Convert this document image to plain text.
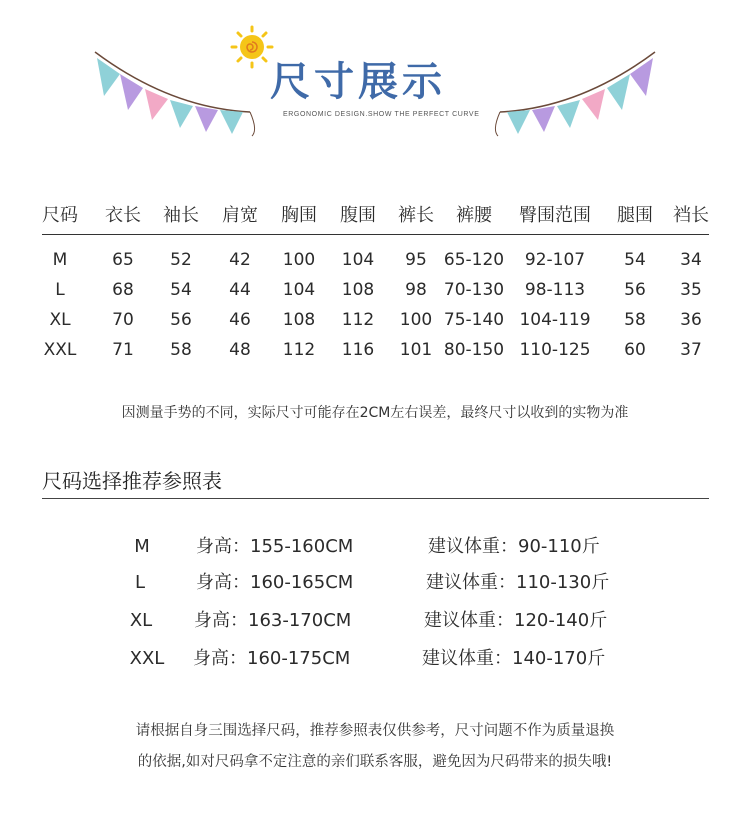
尺寸展示
ERGONOMIC DESIGN.SHOW THE PERFECT CURVE
尺码 衣长 袖长 肩宽 胸围 腹围 裤长 裤腰 臀围范围 腿围 裆长
M	65 52 42 100 104 95 65-120 92-107 54 34
L	68 54 44 104 108 98 70-130 98-113 56 35
XL 70 56 46 108 112 100 75-140 104-119 58 36
XXL 71 58 48 112 116 101 80-150 110-125 60 37
因测量手势的不同，实际尺寸可能存在2CM左右误差，最终尺寸以收到的实物为准
尺码选择推荐参照表
M	身高：155-160CM	建议体重：90-110斤
L	身高：160-165CM	建议体重：110-130斤
XL 身高：163-170CM	建议体重：120-140斤
XXL 身高：160-175CM	建议体重：140-170斤
请根据自身三围选择尺码，推荐参照表仅供参考，尺寸问题不作为质量退换
的依据,如对尺码拿不定注意的亲们联系客服，避免因为尺码带来的损失哦!
